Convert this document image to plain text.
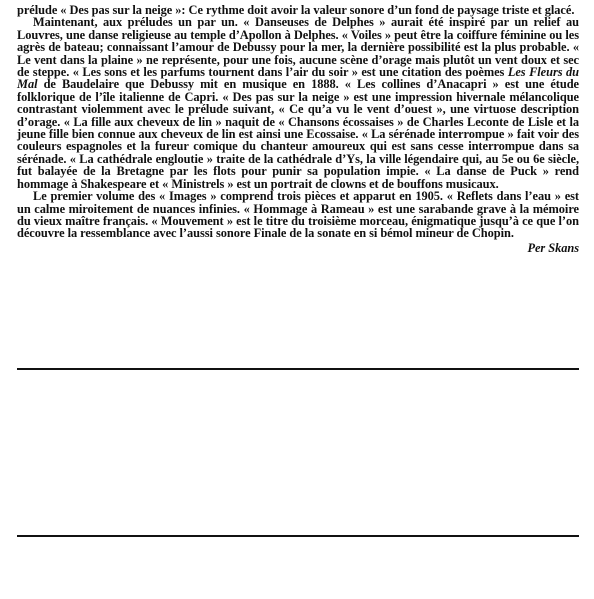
prélude « Des pas sur la neige »: Ce rythme doit avoir la valeur sonore d’un fond de paysage triste et glacé.

Maintenant, aux préludes un par un. « Danseuses de Delphes » aurait été inspiré par un relief au Louvres, une danse religieuse au temple d’Apollon à Delphes. « Voiles » peut être la coiffure féminine ou les agrès de bateau; connaissant l’amour de Debussy pour la mer, la dernière possibilité est la plus probable. « Le vent dans la plaine » ne représente, pour une fois, aucune scène d’orage mais plutôt un vent doux et sec de steppe. « Les sons et les parfums tournent dans l’air du soir » est une citation des poèmes Les Fleurs du Mal de Baudelaire que Debussy mit en musique en 1888. « Les collines d’Anacapri » est une étude folklorique de l’île italienne de Capri. « Des pas sur la neige » est une impression hivernale mélancolique contrastant violemment avec le prélude suivant, « Ce qu’a vu le vent d’ouest », une virtuose description d’orage. « La fille aux cheveux de lin » naquit de « Chansons écossaises » de Charles Leconte de Lisle et la jeune fille bien connue aux cheveux de lin est ainsi une Ecossaise. « La sérénade interrompue » fait voir des couleurs espagnoles et la fureur comique du chanteur amoureux qui est sans cesse interrompue dans sa sérénade. « La cathédrale engloutie » traite de la cathédrale d’Ys, la ville légendaire qui, au 5e ou 6e siècle, fut balayée de la Bretagne par les flots pour punir sa population impie. « La danse de Puck » rend hommage à Shakespeare et « Ministrels » est un portrait de clowns et de bouffons musicaux.

Le premier volume des « Images » comprend trois pièces et apparut en 1905. « Reflets dans l’eau » est un calme miroitement de nuances infinies. « Hommage à Rameau » est une sarabande grave à la mémoire du vieux maître français. « Mouvement » est le titre du troisième morceau, énigmatique jusqu’à ce que l’on découvre la ressemblance avec l’aussi sonore Finale de la sonate en si bémol mineur de Chopin.

Per Skans
